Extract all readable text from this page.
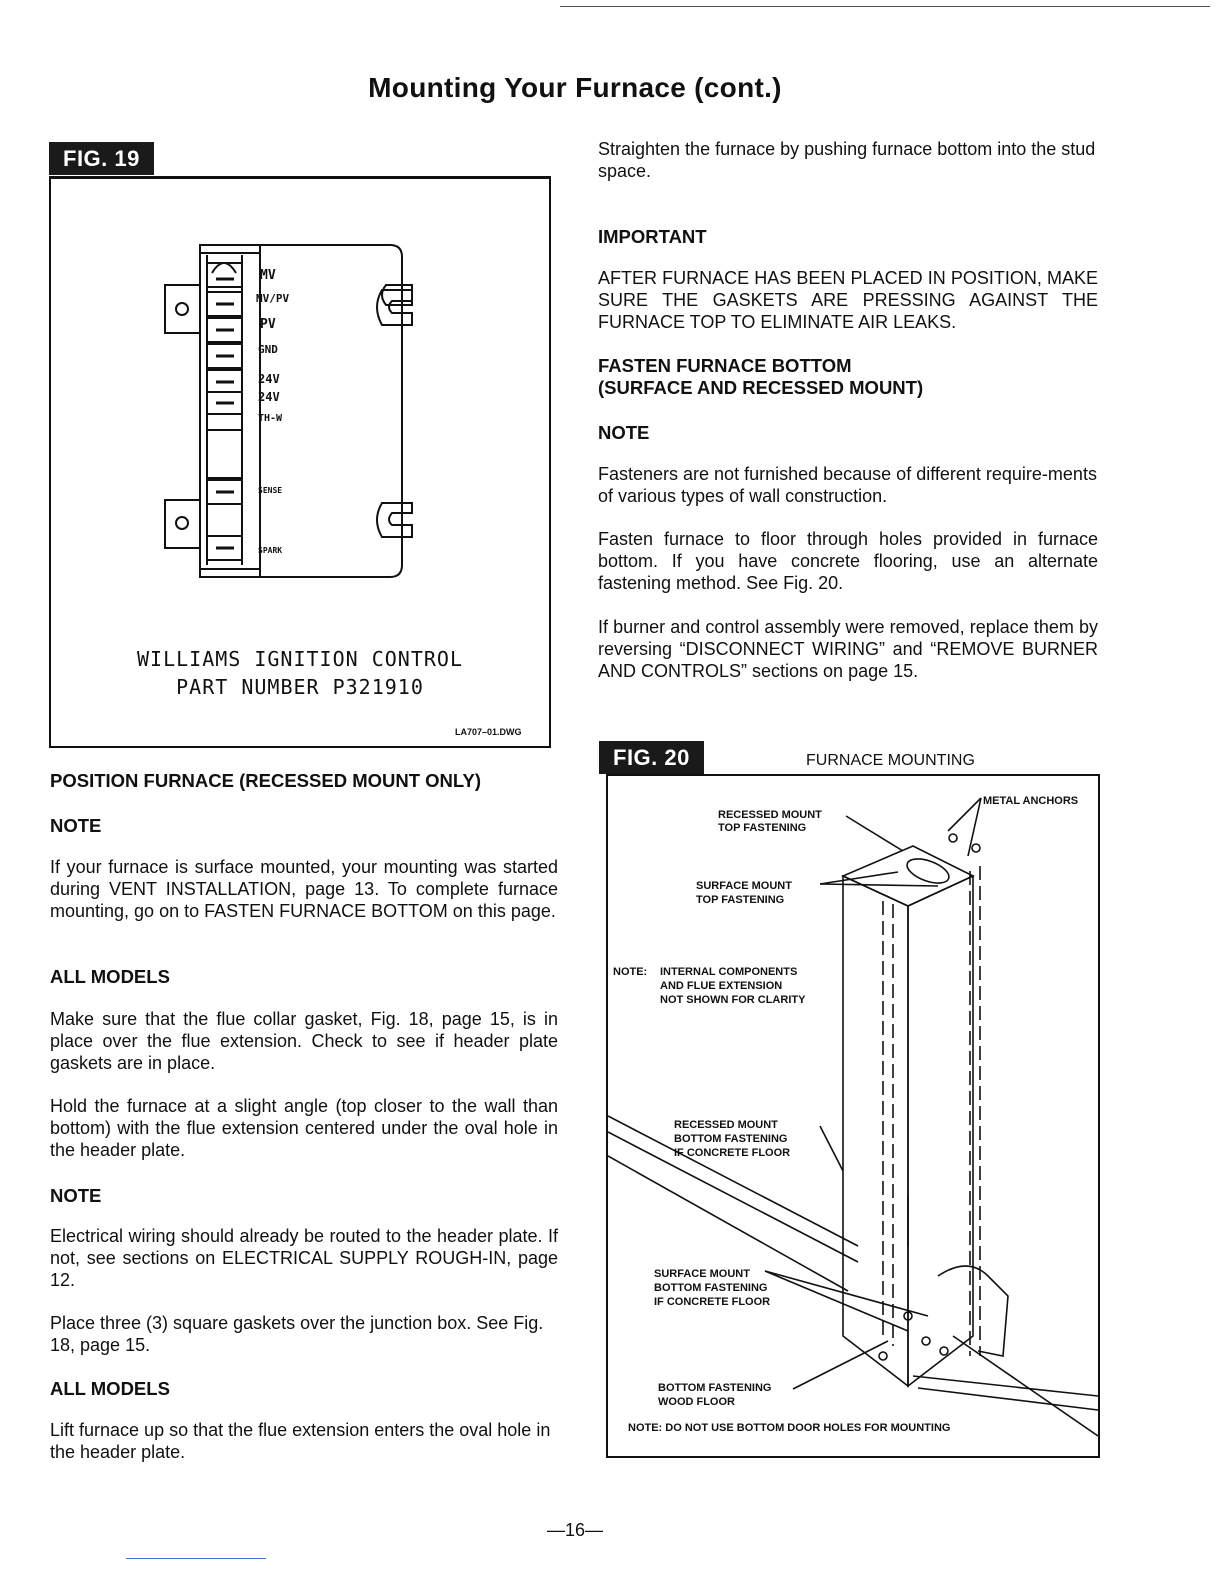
Mounting Your Furnace (cont.)
FIG. 19
MV
MV/PV
PV
GND
24V
24V
TH-W
SENSE
SPARK
WILLIAMS IGNITION CONTROL
PART NUMBER P321910
LA707–01.DWG
POSITION FURNACE (RECESSED MOUNT ONLY)
NOTE
If your furnace is surface mounted, your mounting was started during VENT INSTALLATION, page 13. To complete furnace mounting, go on to FASTEN FURNACE BOTTOM on this page.
ALL MODELS
Make sure that the flue collar gasket, Fig. 18, page 15, is in place over the flue extension. Check to see if header plate gaskets are in place.
Hold the furnace at a slight angle (top closer to the wall than bottom) with the flue extension centered under the oval hole in the header plate.
NOTE
Electrical wiring should already be routed to the header plate. If not, see sections on ELECTRICAL SUPPLY ROUGH-IN, page 12.
Place three (3) square gaskets over the junction box. See Fig. 18, page 15.
ALL MODELS
Lift furnace up so that the flue extension enters the oval hole in the header plate.
Straighten the furnace by pushing furnace bottom into the stud space.
IMPORTANT
AFTER FURNACE HAS BEEN PLACED IN POSITION, MAKE SURE THE GASKETS ARE PRESSING AGAINST THE FURNACE TOP TO ELIMINATE AIR LEAKS.
FASTEN FURNACE BOTTOM
(SURFACE AND RECESSED MOUNT)
NOTE
Fasteners are not furnished because of different require-ments of various types of wall construction.
Fasten furnace to floor through holes provided in furnace bottom. If you have concrete flooring, use an alternate fastening method. See Fig. 20.
If burner and control assembly were removed, replace them by reversing “DISCONNECT WIRING” and “REMOVE BURNER AND CONTROLS” sections on page 15.
FIG. 20	FURNACE MOUNTING
METAL ANCHORS
RECESSED MOUNT
TOP FASTENING
SURFACE MOUNT
TOP FASTENING
NOTE: INTERNAL COMPONENTS
AND FLUE EXTENSION
NOT SHOWN FOR CLARITY
RECESSED MOUNT
BOTTOM FASTENING
IF CONCRETE FLOOR
SURFACE MOUNT
BOTTOM FASTENING
IF CONCRETE FLOOR
BOTTOM FASTENING
WOOD FLOOR
NOTE: DO NOT USE BOTTOM DOOR HOLES FOR MOUNTING
—16—
